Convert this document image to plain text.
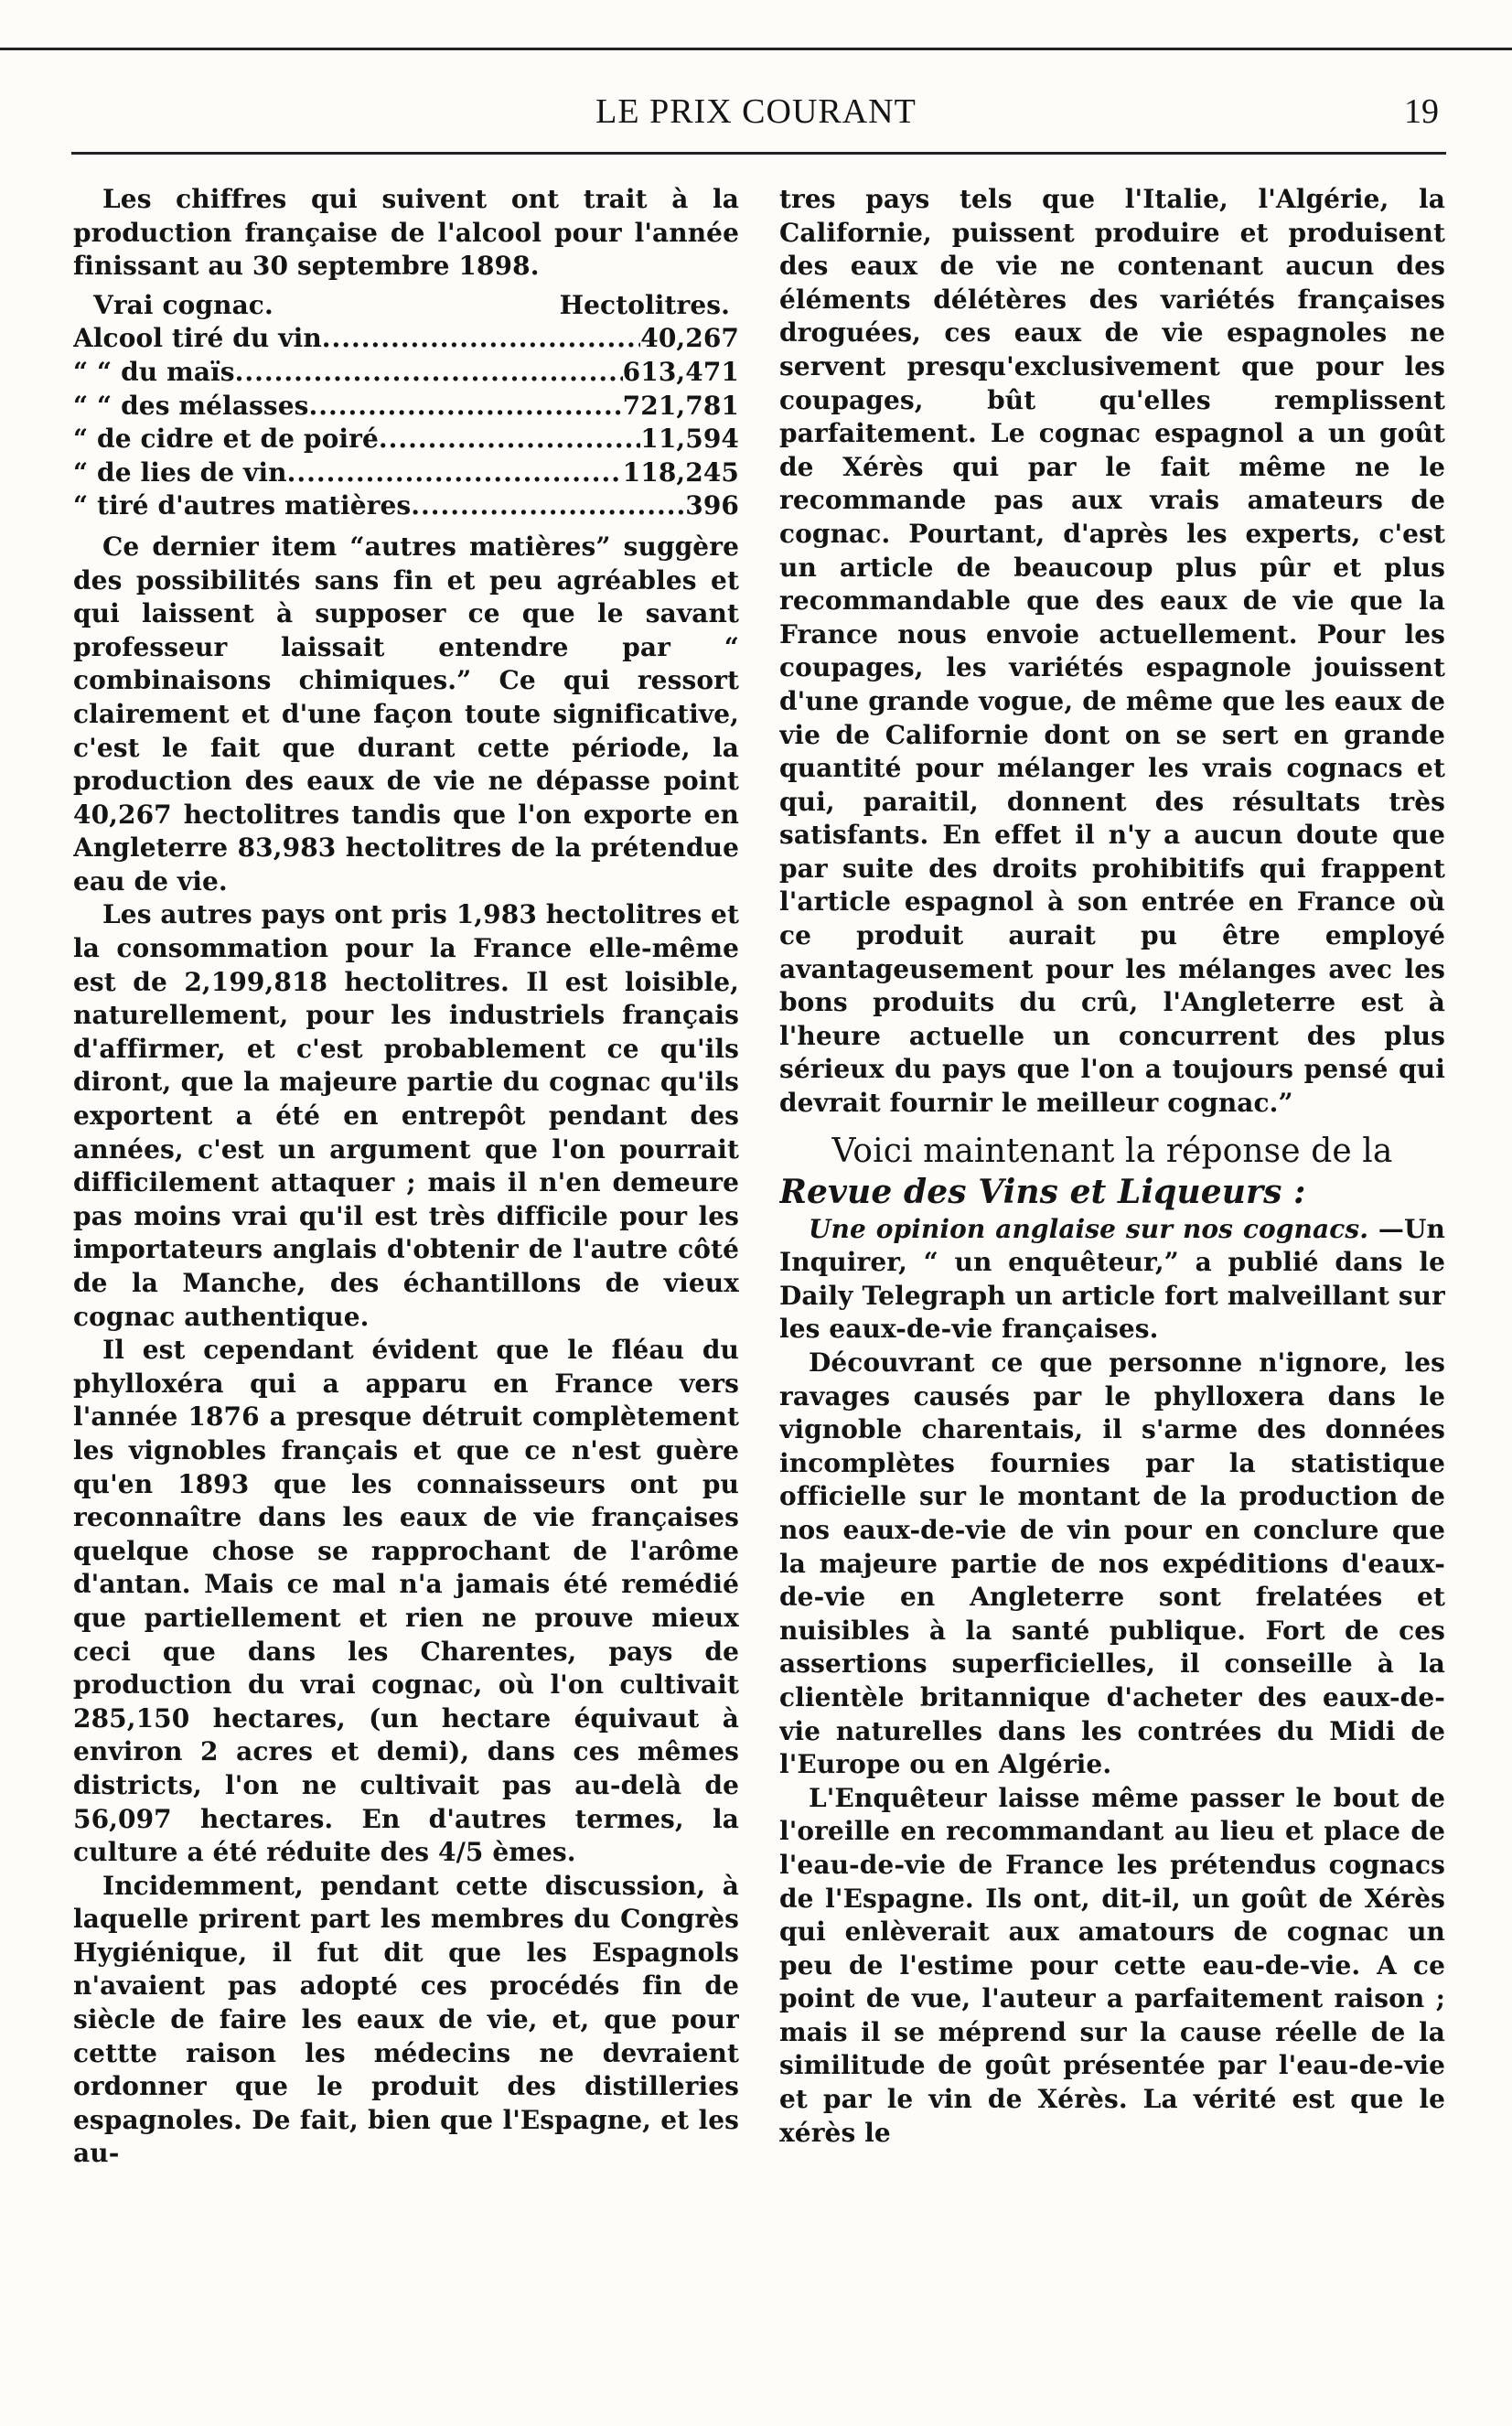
LE PRIX COURANT	19

Les chiffres qui suivent ont trait à la production française de l'alcool pour l'année finissant au 30 septembre 1898.

Vrai cognac.	Hectolitres.
Alcool tiré du vin .....	40,267
“ “ du maïs .....	613,471
“ “ des mélasses .....	721,781
“ de cidre et de poiré .....	11,594
“ de lies de vin .....	118,245
“ tiré d'autres matières .....	396

Ce dernier item “autres matières” suggère des possibilités sans fin et peu agréables et qui laissent à supposer ce que le savant professeur laissait entendre par “ combinaisons chimiques.” Ce qui ressort clairement et d'une façon toute significative, c'est le fait que durant cette période, la production des eaux de vie ne dépasse point 40,267 hectolitres tandis que l'on exporte en Angleterre 83,983 hectolitres de la prétendue eau de vie.

Les autres pays ont pris 1,983 hectolitres et la consommation pour la France elle-même est de 2,199,818 hectolitres. Il est loisible, naturellement, pour les industriels français d'affirmer, et c'est probablement ce qu'ils diront, que la majeure partie du cognac qu'ils exportent a été en entrepôt pendant des années, c'est un argument que l'on pourrait difficilement attaquer ; mais il n'en demeure pas moins vrai qu'il est très difficile pour les importateurs anglais d'obtenir de l'autre côté de la Manche, des échantillons de vieux cognac authentique.

Il est cependant évident que le fléau du phylloxéra qui a apparu en France vers l'année 1876 a presque détruit complètement les vignobles français et que ce n'est guère qu'en 1893 que les connaisseurs ont pu reconnaître dans les eaux de vie françaises quelque chose se rapprochant de l'arôme d'antan. Mais ce mal n'a jamais été remédié que partiellement et rien ne prouve mieux ceci que dans les Charentes, pays de production du vrai cognac, où l'on cultivait 285,150 hectares, (un hectare équivaut à environ 2 acres et demi), dans ces mêmes districts, l'on ne cultivait pas au-delà de 56,097 hectares. En d'autres termes, la culture a été réduite des 4/5 èmes.

Incidemment, pendant cette discussion, à laquelle prirent part les membres du Congrès Hygiénique, il fut dit que les Espagnols n'avaient pas adopté ces procédés fin de siècle de faire les eaux de vie, et, que pour cettte raison les médecins ne devraient ordonner que le produit des distilleries espagnoles. De fait, bien que l'Espagne, et les au-

tres pays tels que l'Italie, l'Algérie, la Californie, puissent produire et produisent des eaux de vie ne contenant aucun des éléments délétères des variétés françaises droguées, ces eaux de vie espagnoles ne servent presqu'exclusivement que pour les coupages, bût qu'elles remplissent parfaitement. Le cognac espagnol a un goût de Xérès qui par le fait même ne le recommande pas aux vrais amateurs de cognac. Pourtant, d'après les experts, c'est un article de beaucoup plus pûr et plus recommandable que des eaux de vie que la France nous envoie actuellement. Pour les coupages, les variétés espagnole jouissent d'une grande vogue, de même que les eaux de vie de Californie dont on se sert en grande quantité pour mélanger les vrais cognacs et qui, paraitil, donnent des résultats très satisfants. En effet il n'y a aucun doute que par suite des droits prohibitifs qui frappent l'article espagnol à son entrée en France où ce produit aurait pu être employé avantageusement pour les mélanges avec les bons produits du crû, l'Angleterre est à l'heure actuelle un concurrent des plus sérieux du pays que l'on a toujours pensé qui devrait fournir le meilleur cognac.”

Voici maintenant la réponse de la
Revue des Vins et Liqueurs :

Une opinion anglaise sur nos cognacs. —Un Inquirer, “ un enquêteur,” a publié dans le Daily Telegraph un article fort malveillant sur les eaux-de-vie françaises.

Découvrant ce que personne n'ignore, les ravages causés par le phylloxera dans le vignoble charentais, il s'arme des données incomplètes fournies par la statistique officielle sur le montant de la production de nos eaux-de-vie de vin pour en conclure que la majeure partie de nos expéditions d'eaux-de-vie en Angleterre sont frelatées et nuisibles à la santé publique. Fort de ces assertions superficielles, il conseille à la clientèle britannique d'acheter des eaux-de-vie naturelles dans les contrées du Midi de l'Europe ou en Algérie.

L'Enquêteur laisse même passer le bout de l'oreille en recommandant au lieu et place de l'eau-de-vie de France les prétendus cognacs de l'Espagne. Ils ont, dit-il, un goût de Xérès qui enlèverait aux amatours de cognac un peu de l'estime pour cette eau-de-vie. A ce point de vue, l'auteur a parfaitement raison ; mais il se méprend sur la cause réelle de la similitude de goût présentée par l'eau-de-vie et par le vin de Xérès. La vérité est que le xérès le
